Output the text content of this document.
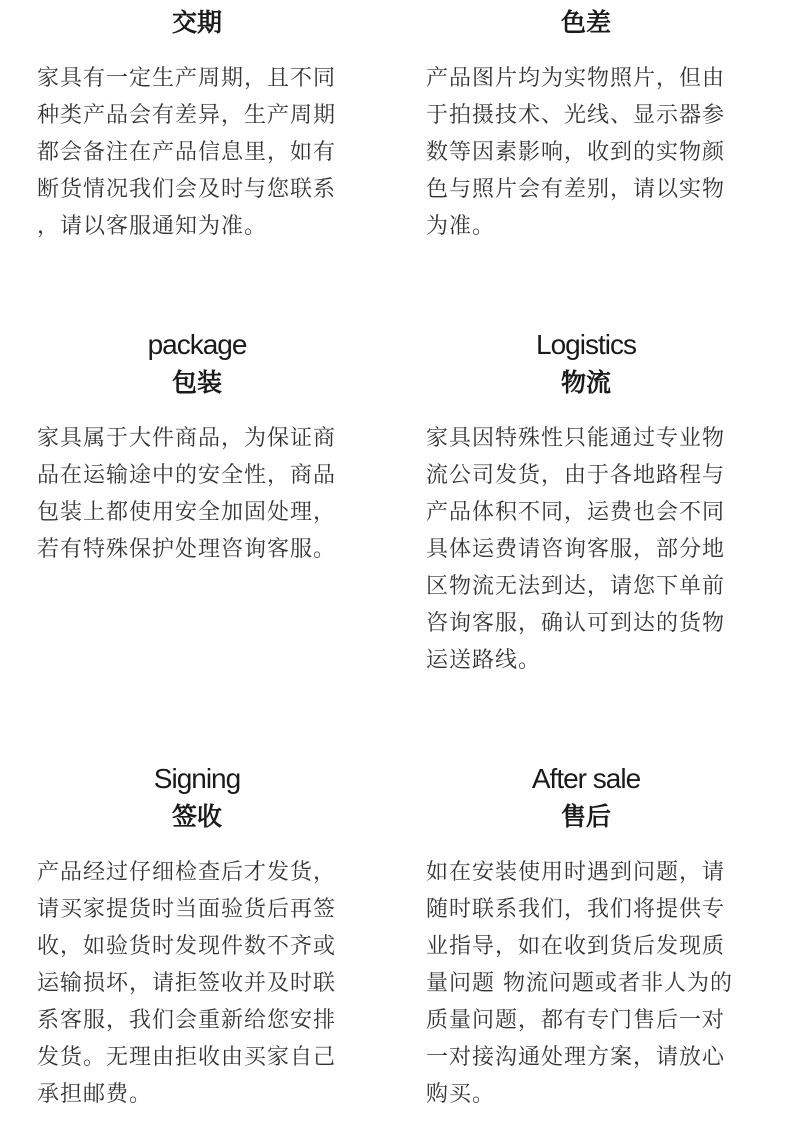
交期

家具有一定生产周期，且不同
种类产品会有差异，生产周期
都会备注在产品信息里，如有
断货情况我们会及时与您联系
，请以客服通知为准。

色差

产品图片均为实物照片，但由
于拍摄技术、光线、显示器参
数等因素影响，收到的实物颜
色与照片会有差别，请以实物
为准。

package
包装

家具属于大件商品，为保证商
品在运输途中的安全性，商品
包装上都使用安全加固处理，
若有特殊保护处理咨询客服。

Logistics
物流

家具因特殊性只能通过专业物
流公司发货，由于各地路程与
产品体积不同，运费也会不同
具体运费请咨询客服，部分地
区物流无法到达，请您下单前
咨询客服，确认可到达的货物
运送路线。

Signing
签收

产品经过仔细检查后才发货，
请买家提货时当面验货后再签
收，如验货时发现件数不齐或
运输损坏，请拒签收并及时联
系客服，我们会重新给您安排
发货。无理由拒收由买家自己
承担邮费。

After sale
售后

如在安装使用时遇到问题，请
随时联系我们，我们将提供专
业指导，如在收到货后发现质
量问题 物流问题或者非人为的
质量问题，都有专门售后一对
一对接沟通处理方案，请放心
购买。
